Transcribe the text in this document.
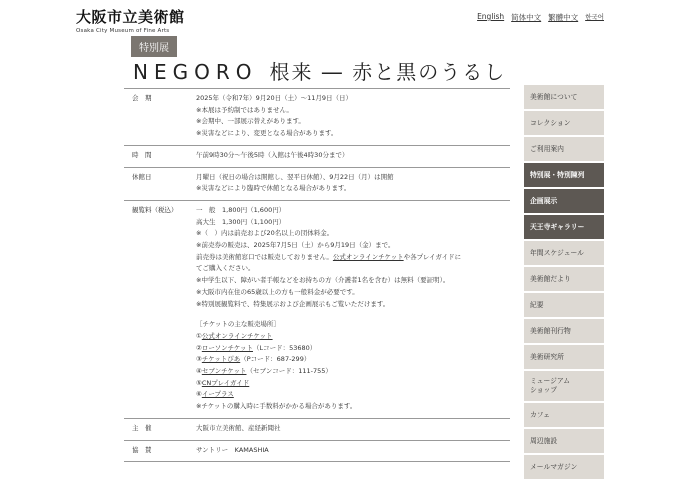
大阪市立美術館
Osaka City Museum of Fine Arts
English 简体中文 繁體中文 한국어
特別展
NEGORO 根来 ― 赤と黒のうるし
会　期	2025年（令和7年）9月20日（土）〜11月9日（日）
※本展は予約制ではありません。
※会期中、一部展示替えがあります。
※災害などにより、変更となる場合があります。
時　間	午前9時30分〜午後5時（入館は午後4時30分まで）
休館日	月曜日（祝日の場合は開館し、翌平日休館）、9月22日（月）は開館
※災害などにより臨時で休館となる場合があります。
観覧料（税込）	一　般　1,800円（1,600円）
高大生　1,300円（1,100円）
※（　）内は前売および20名以上の団体料金。
※前売券の販売は、2025年7月5日（土）から9月19日（金）まで。
前売券は美術館窓口では販売しておりません。公式オンラインチケットや各プレイガイドに
てご購入ください。
※中学生以下、障がい者手帳などをお持ちの方（介護者1名を含む）は無料（要証明）。
※大阪市内在住の65歳以上の方も一般料金が必要です。
※特別展観覧料で、特集展示および企画展示もご覧いただけます。
［チケットの主な販売場所］
①公式オンラインチケット
②ローソンチケット（Lコード：53680）
③チケットぴあ（Pコード：687-299）
④セブンチケット（セブンコード：111-755）
⑤CNプレイガイド
⑥イープラス
※チケットの購入時に手数料がかかる場合があります。
主　催	大阪市立美術館、産経新聞社
協　賛	サントリー　KAMASHIA
美術館について
コレクション
ご利用案内
特別展・特別陳列
企画展示
天王寺ギャラリー
年間スケジュール
美術館だより
紀要
美術館刊行物
美術研究所
ミュージアム
ショップ
カフェ
周辺施設
メールマガジン
